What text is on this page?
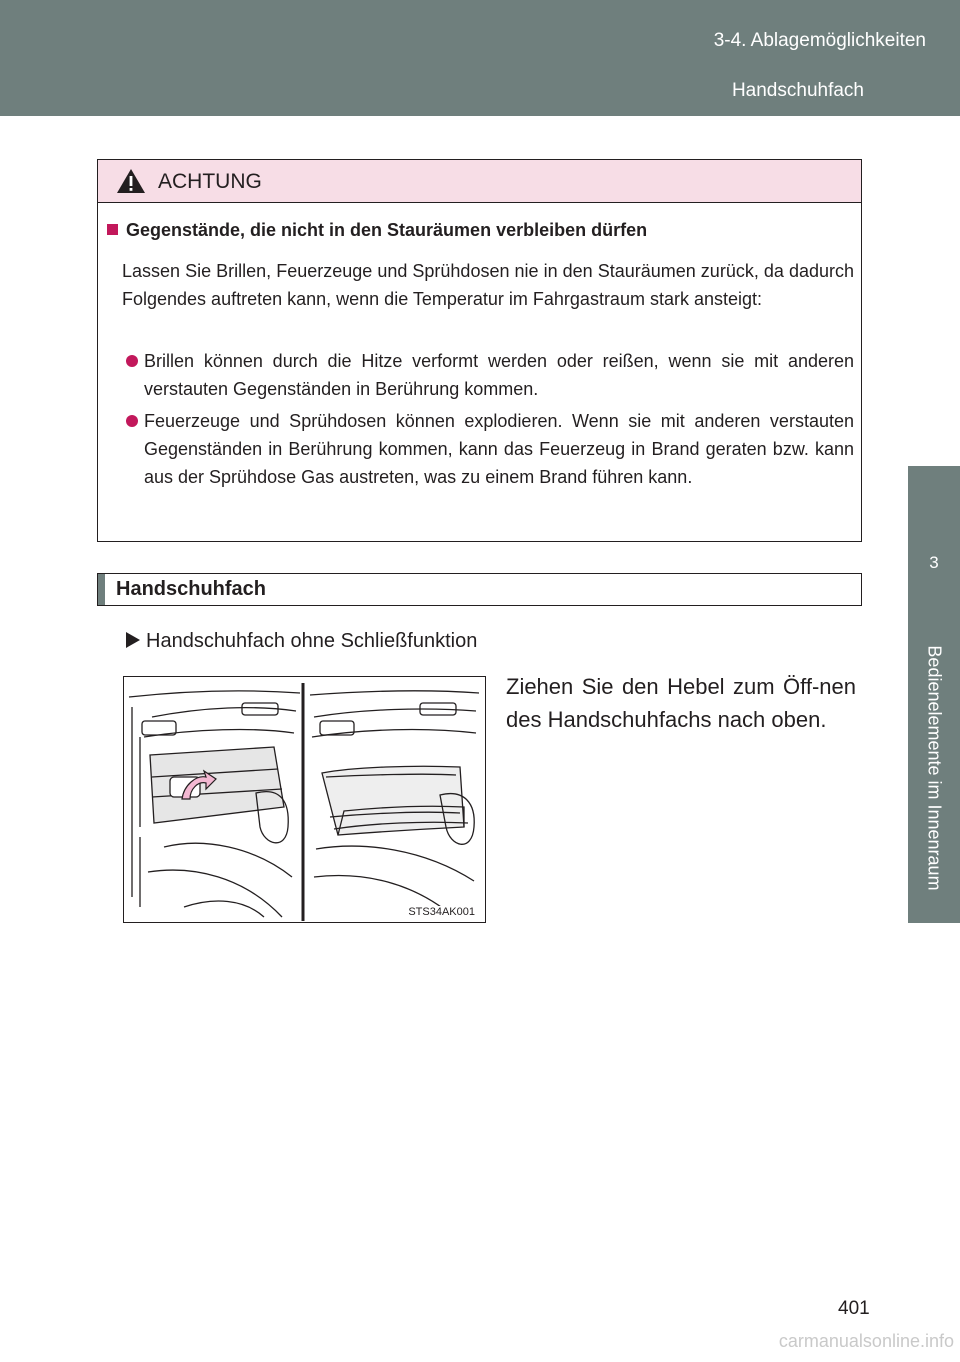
3-4. Ablagemöglichkeiten
Handschuhfach
3
Bedienelemente im Innenraum
ACHTUNG
Gegenstände, die nicht in den Stauräumen verbleiben dürfen
Lassen Sie Brillen, Feuerzeuge und Sprühdosen nie in den Stauräumen zurück, da dadurch Folgendes auftreten kann, wenn die Temperatur im Fahrgastraum stark ansteigt:
Brillen können durch die Hitze verformt werden oder reißen, wenn sie mit anderen verstauten Gegenständen in Berührung kommen.
Feuerzeuge und Sprühdosen können explodieren. Wenn sie mit anderen verstauten Gegenständen in Berührung kommen, kann das Feuerzeug in Brand geraten bzw. kann aus der Sprühdose Gas austreten, was zu einem Brand führen kann.
Handschuhfach
Handschuhfach ohne Schließfunktion
STS34AK001
Ziehen Sie den Hebel zum Öff-nen des Handschuhfachs nach oben.
401
carmanualsonline.info
